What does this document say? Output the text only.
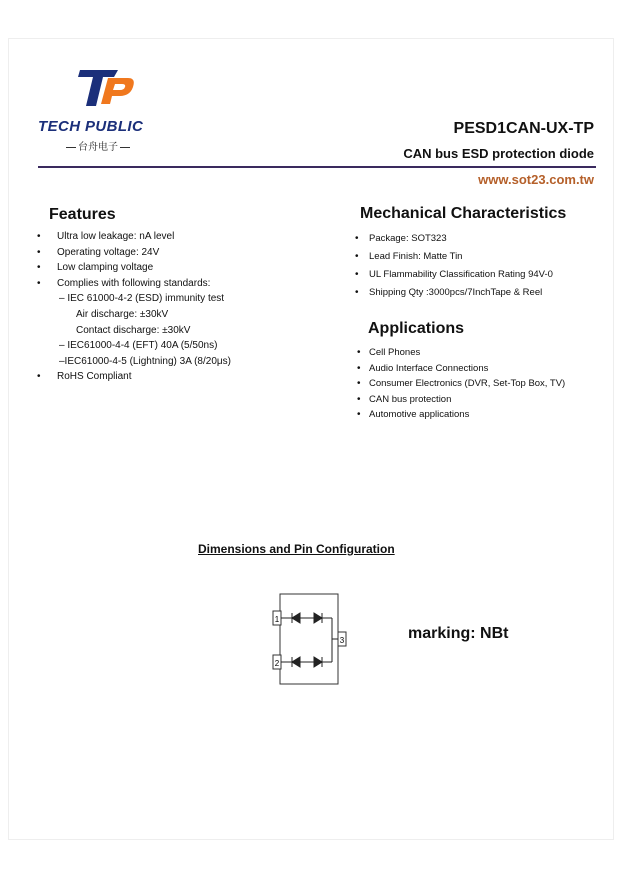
TECH PUBLIC
台舟电子
PESD1CAN-UX-TP
CAN bus ESD protection diode
www.sot23.com.tw
Features
• Ultra low leakage: nA level
• Operating voltage: 24V
• Low clamping voltage
• Complies with following standards:
– IEC 61000-4-2 (ESD) immunity test
Air discharge: ±30kV
Contact discharge: ±30kV
– IEC61000-4-4 (EFT) 40A (5/50ns)
–IEC61000-4-5 (Lightning) 3A (8/20μs)
• RoHS Compliant
Mechanical Characteristics
• Package: SOT323
• Lead Finish: Matte Tin
• UL Flammability Classification Rating 94V-0
• Shipping Qty :3000pcs/7InchTape & Reel
Applications
• Cell Phones
• Audio Interface Connections
• Consumer Electronics (DVR, Set-Top Box, TV)
• CAN bus protection
• Automotive applications
Dimensions and Pin Configuration
1
2
3	marking: NBt
